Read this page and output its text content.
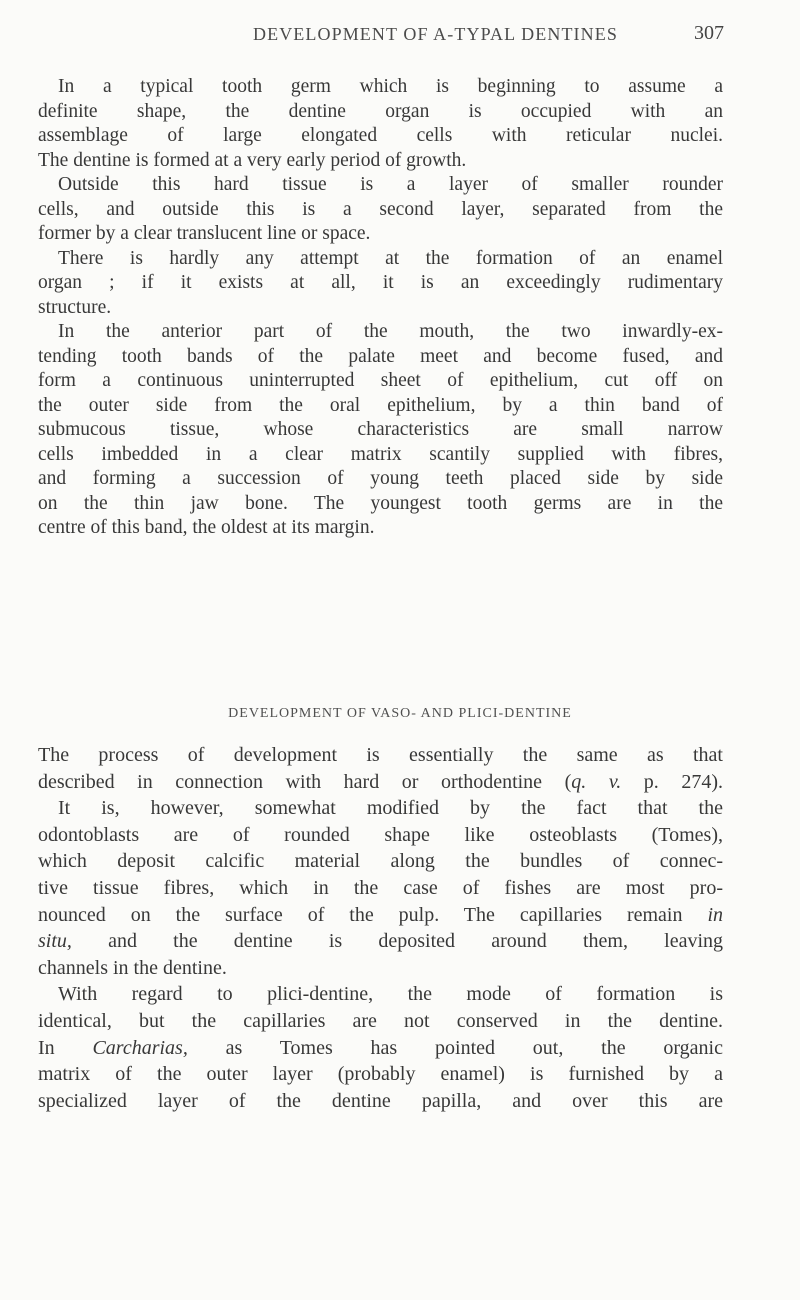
DEVELOPMENT OF A-TYPAL DENTINES	307
In a typical tooth germ which is beginning to assume a
definite shape, the dentine organ is occupied with an
assemblage of large elongated cells with reticular nuclei.
The dentine is formed at a very early period of growth.
Outside this hard tissue is a layer of smaller rounder
cells, and outside this is a second layer, separated from the
former by a clear translucent line or space.
There is hardly any attempt at the formation of an enamel
organ ; if it exists at all, it is an exceedingly rudimentary
structure.
In the anterior part of the mouth, the two inwardly-ex-
tending tooth bands of the palate meet and become fused, and
form a continuous uninterrupted sheet of epithelium, cut off on
the outer side from the oral epithelium, by a thin band of
submucous tissue, whose characteristics are small narrow
cells imbedded in a clear matrix scantily supplied with fibres,
and forming a succession of young teeth placed side by side
on the thin jaw bone. The youngest tooth germs are in the
centre of this band, the oldest at its margin.
DEVELOPMENT OF VASO- AND PLICI-DENTINE
The process of development is essentially the same as that
described in connection with hard or orthodentine (q. v. p. 274).
It is, however, somewhat modified by the fact that the
odontoblasts are of rounded shape like osteoblasts (Tomes),
which deposit calcific material along the bundles of connec-
tive tissue fibres, which in the case of fishes are most pro-
nounced on the surface of the pulp. The capillaries remain in
situ, and the dentine is deposited around them, leaving
channels in the dentine.
With regard to plici-dentine, the mode of formation is
identical, but the capillaries are not conserved in the dentine.
In Carcharias, as Tomes has pointed out, the organic
matrix of the outer layer (probably enamel) is furnished by a
specialized layer of the dentine papilla, and over this are
